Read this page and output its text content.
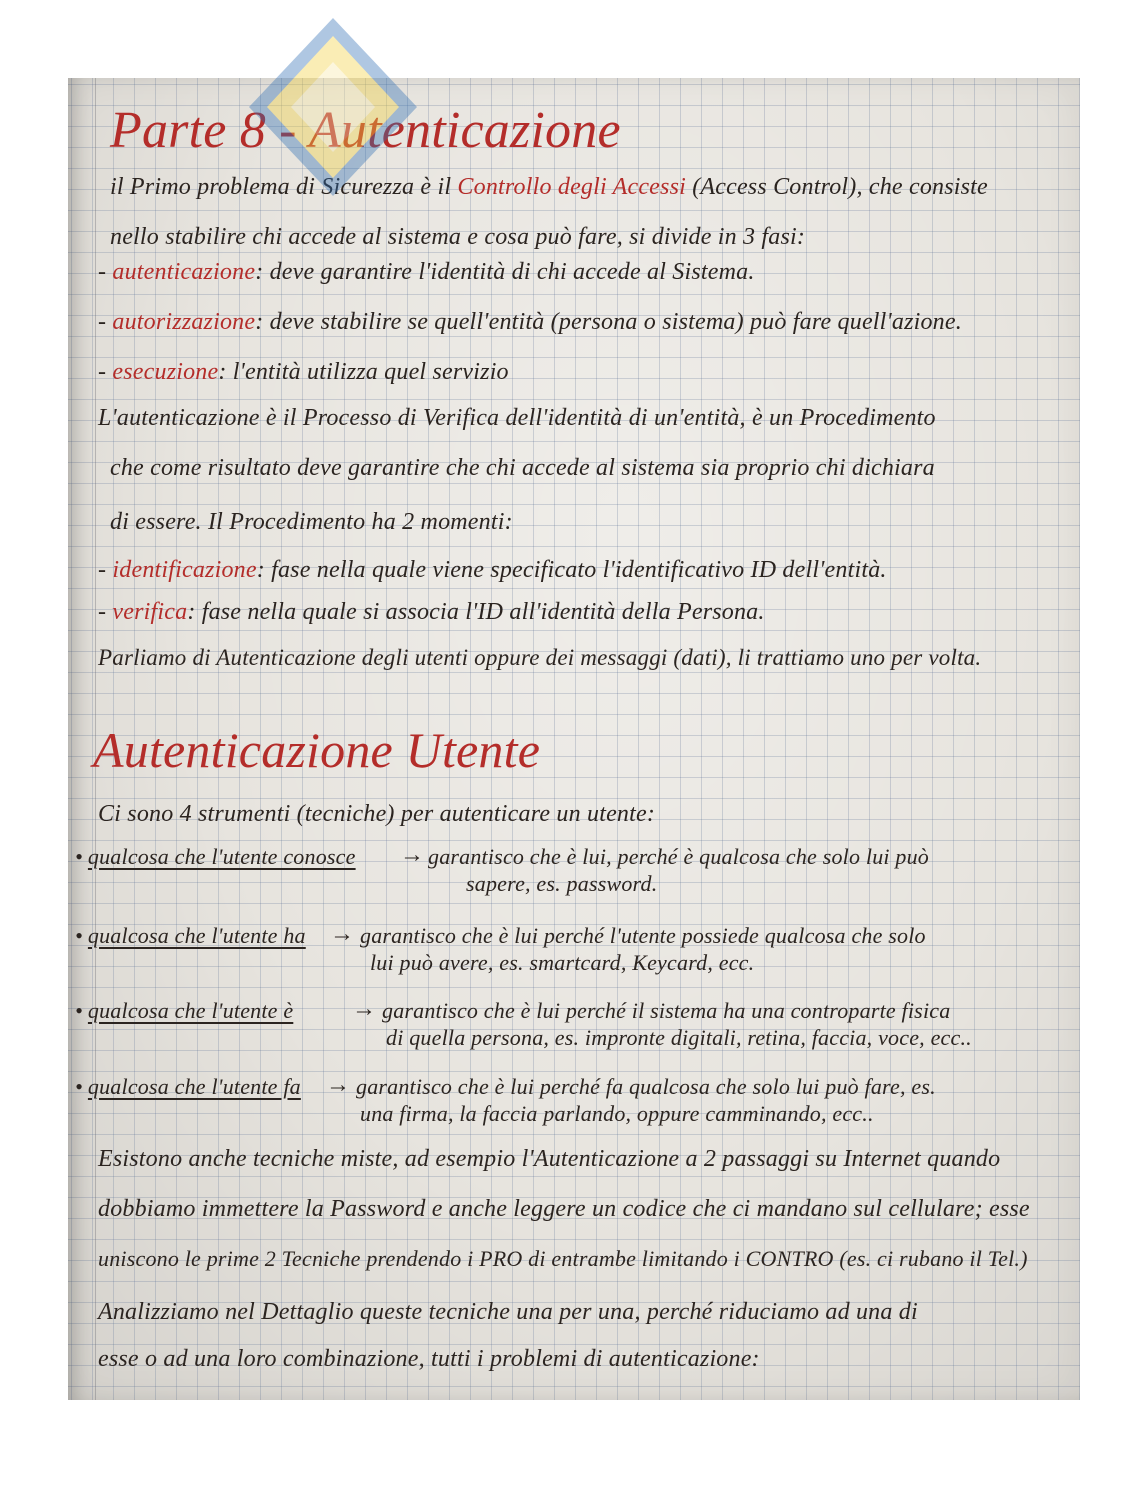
Parte 8 - Autenticazione
il Primo problema di Sicurezza è il Controllo degli Accessi (Access Control), che consiste
nello stabilire chi accede al sistema e cosa può fare, si divide in 3 fasi:
- autenticazione: deve garantire l'identità di chi accede al Sistema.
- autorizzazione: deve stabilire se quell'entità (persona o sistema) può fare quell'azione.
- esecuzione: l'entità utilizza quel servizio
L'autenticazione è il Processo di Verifica dell'identità di un'entità, è un Procedimento
che come risultato deve garantire che chi accede al sistema sia proprio chi dichiara
di essere. Il Procedimento ha 2 momenti:
- identificazione: fase nella quale viene specificato l'identificativo ID dell'entità.
- verifica: fase nella quale si associa l'ID all'identità della Persona.
Parliamo di Autenticazione degli utenti oppure dei messaggi (dati), li trattiamo uno per volta.
Autenticazione Utente
Ci sono 4 strumenti (tecniche) per autenticare un utente:
• qualcosa che l'utente conosce → garantisco che è lui, perché è qualcosa che solo lui può
sapere, es. password.
• qualcosa che l'utente ha → garantisco che è lui perché l'utente possiede qualcosa che solo
lui può avere, es. smartcard, Keycard, ecc.
• qualcosa che l'utente è → garantisco che è lui perché il sistema ha una controparte fisica
di quella persona, es. impronte digitali, retina, faccia, voce, ecc..
• qualcosa che l'utente fa → garantisco che è lui perché fa qualcosa che solo lui può fare, es.
una firma, la faccia parlando, oppure camminando, ecc..
Esistono anche tecniche miste, ad esempio l'Autenticazione a 2 passaggi su Internet quando
dobbiamo immettere la Password e anche leggere un codice che ci mandano sul cellulare; esse
uniscono le prime 2 Tecniche prendendo i PRO di entrambe limitando i CONTRO (es. ci rubano il Tel.)
Analizziamo nel Dettaglio queste tecniche una per una, perché riduciamo ad una di
esse o ad una loro combinazione, tutti i problemi di autenticazione:
